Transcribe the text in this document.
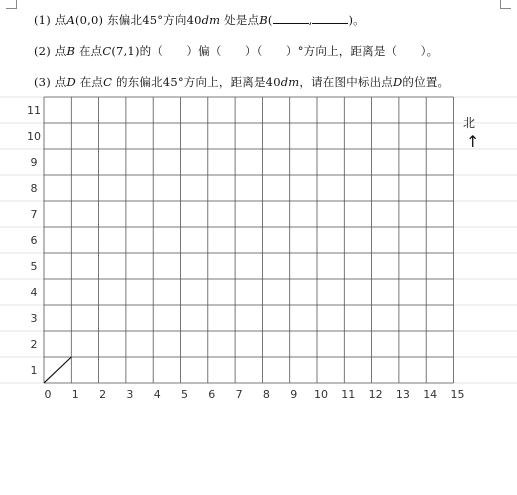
(1) 点A(0,0) 东偏北45°方向40dm 处是点B(	,	)。
(2) 点B 在点C(7,1)的（　　）偏（　　）（　　）°方向上，距离是（　　）。
(3) 点D 在点C 的东偏北45°方向上，距离是40dm，请在图中标出点D的位置。
0 1 2 3 4 5 6 7 8 9 10 11 12 13 14 15
1
2
3
4
5
6
7
8
9
10
11
北
↑
